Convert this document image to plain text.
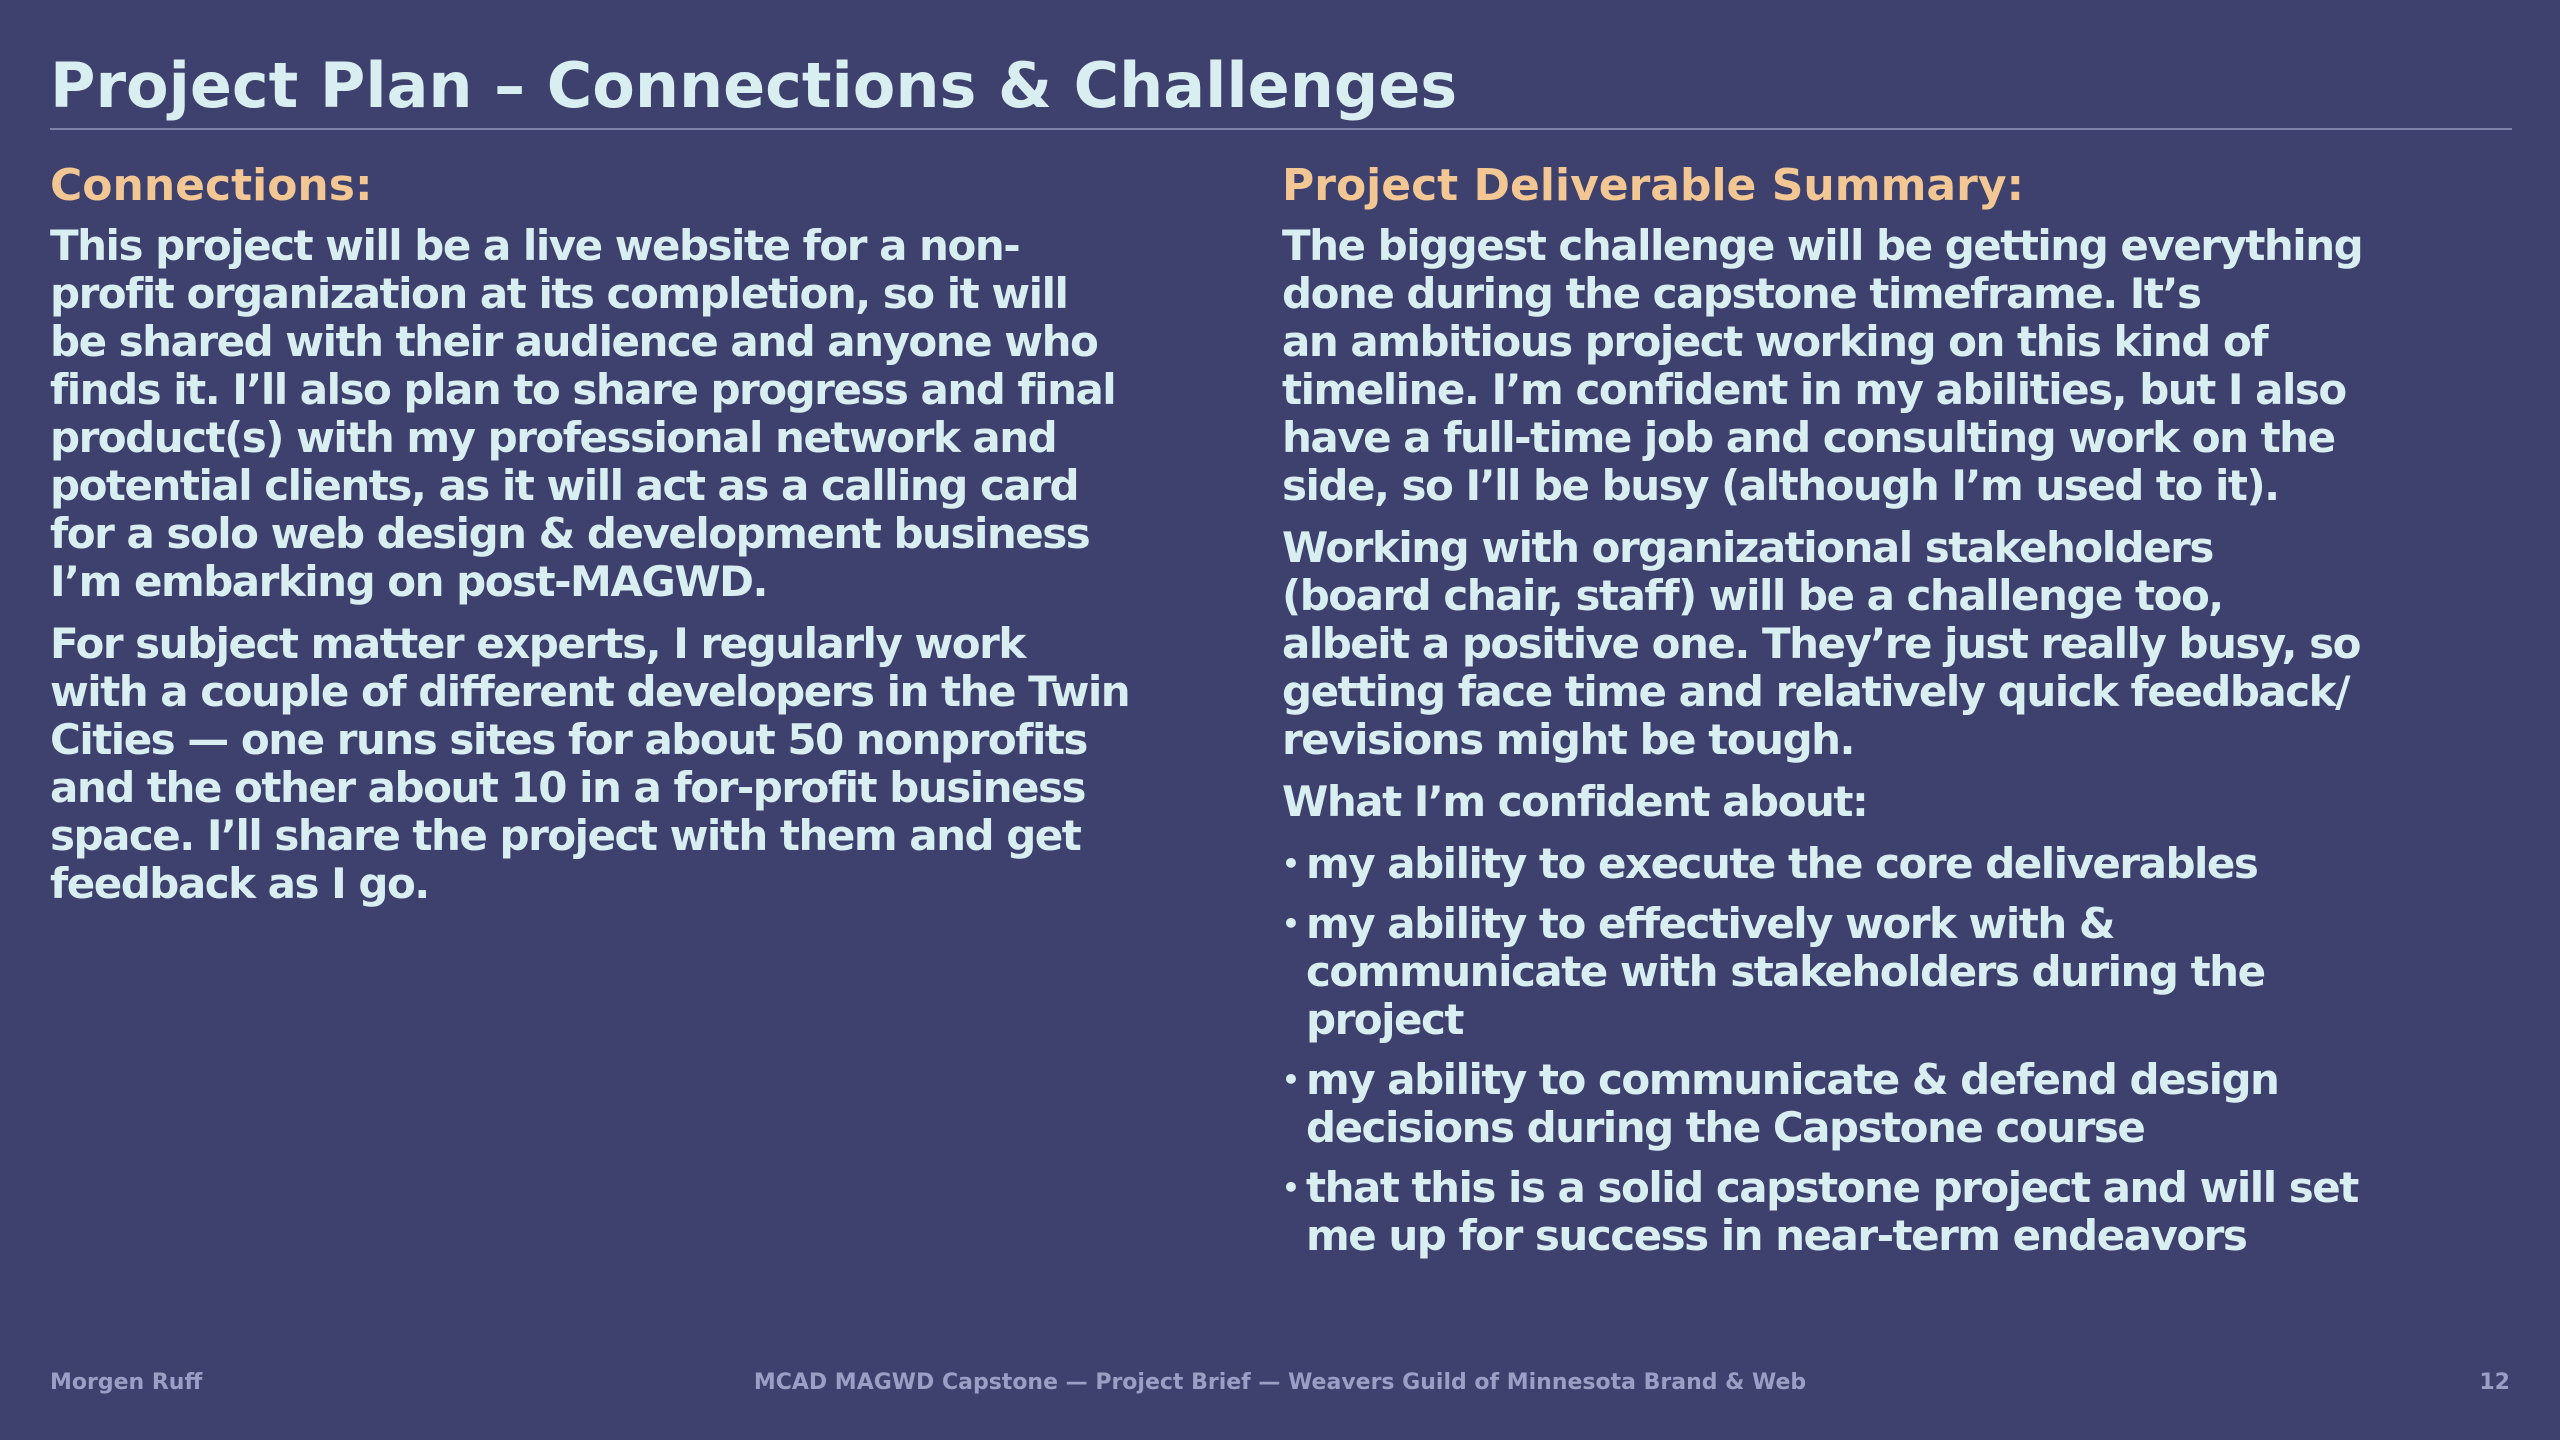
Project Plan – Connections & Challenges
Connections:
This project will be a live website for a non-
profit organization at its completion, so it will
be shared with their audience and anyone who
finds it. I’ll also plan to share progress and final
product(s) with my professional network and
potential clients, as it will act as a calling card
for a solo web design & development business
I’m embarking on post-MAGWD.
For subject matter experts, I regularly work
with a couple of different developers in the Twin
Cities — one runs sites for about 50 nonprofits
and the other about 10 in a for-profit business
space. I’ll share the project with them and get
feedback as I go.
Project Deliverable Summary:
The biggest challenge will be getting everything
done during the capstone timeframe. It’s
an ambitious project working on this kind of
timeline. I’m confident in my abilities, but I also
have a full-time job and consulting work on the
side, so I’ll be busy (although I’m used to it).
Working with organizational stakeholders
(board chair, staff) will be a challenge too,
albeit a positive one. They’re just really busy, so
getting face time and relatively quick feedback/
revisions might be tough.
What I’m confident about:
• my ability to execute the core deliverables
• my ability to effectively work with &
communicate with stakeholders during the
project
• my ability to communicate & defend design
decisions during the Capstone course
• that this is a solid capstone project and will set
me up for success in near-term endeavors
Morgen Ruff	MCAD MAGWD Capstone — Project Brief — Weavers Guild of Minnesota Brand & Web	12
